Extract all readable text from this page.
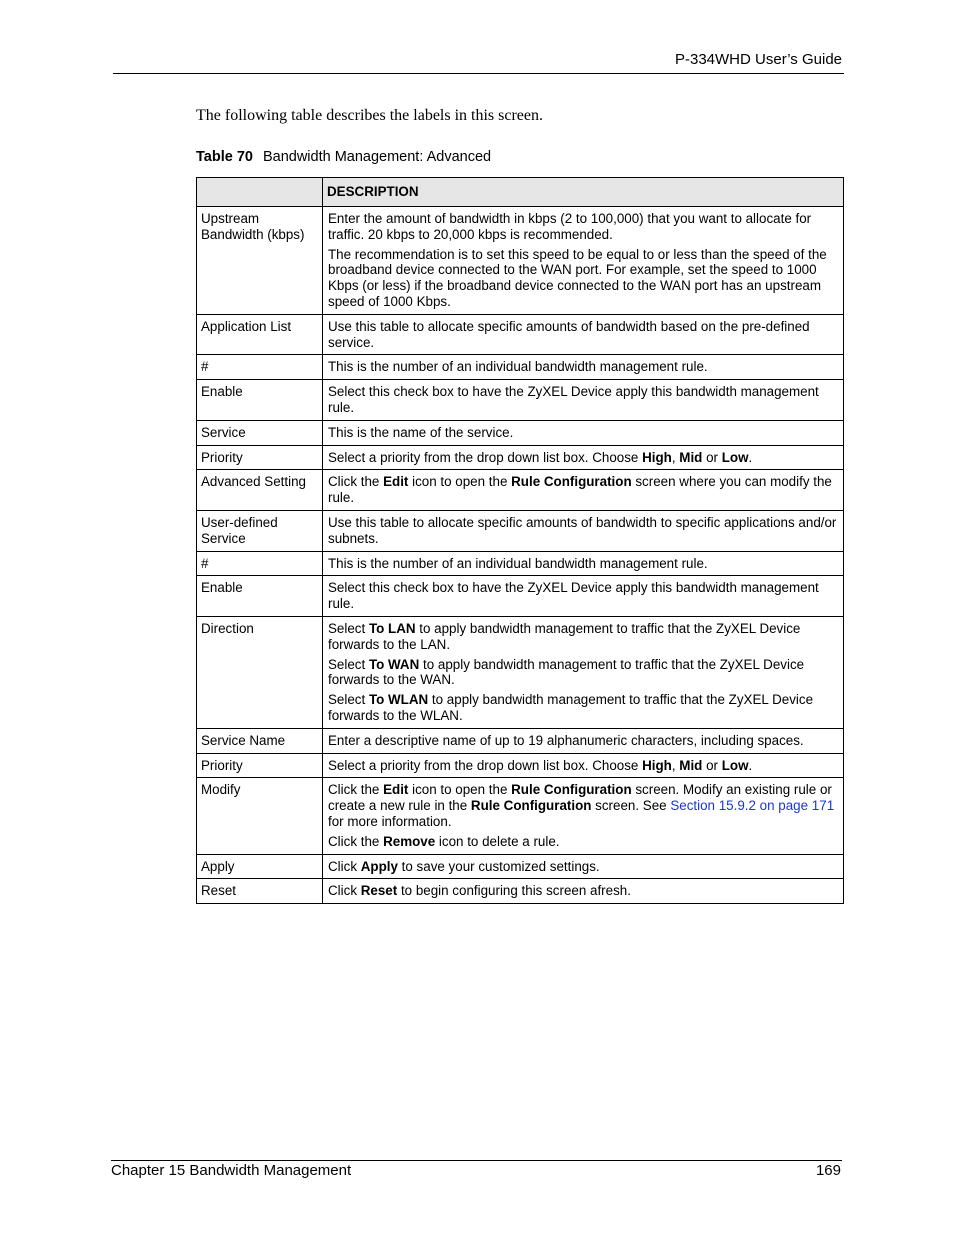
P-334WHD User’s Guide
The following table describes the labels in this screen.
Table 70 Bandwidth Management: Advanced
	DESCRIPTION
Upstream Bandwidth (kbps)	Enter the amount of bandwidth in kbps (2 to 100,000) that you want to allocate for traffic. 20 kbps to 20,000 kbps is recommended.

The recommendation is to set this speed to be equal to or less than the speed of the broadband device connected to the WAN port. For example, set the speed to 1000 Kbps (or less) if the broadband device connected to the WAN port has an upstream speed of 1000 Kbps.

Application List	Use this table to allocate specific amounts of bandwidth based on the pre-defined service.

#	This is the number of an individual bandwidth management rule.

Enable	Select this check box to have the ZyXEL Device apply this bandwidth management rule.

Service	This is the name of the service.

Priority	Select a priority from the drop down list box. Choose High, Mid or Low.

Advanced Setting	Click the Edit icon to open the Rule Configuration screen where you can modify the rule.

User-defined Service	Use this table to allocate specific amounts of bandwidth to specific applications and/or subnets.

#	This is the number of an individual bandwidth management rule.

Enable	Select this check box to have the ZyXEL Device apply this bandwidth management rule.

Direction	Select To LAN to apply bandwidth management to traffic that the ZyXEL Device forwards to the LAN.

Select To WAN to apply bandwidth management to traffic that the ZyXEL Device forwards to the WAN.

Select To WLAN to apply bandwidth management to traffic that the ZyXEL Device forwards to the WLAN.

Service Name	Enter a descriptive name of up to 19 alphanumeric characters, including spaces.

Priority	Select a priority from the drop down list box. Choose High, Mid or Low.

Modify	Click the Edit icon to open the Rule Configuration screen. Modify an existing rule or create a new rule in the Rule Configuration screen. See Section 15.9.2 on page 171 for more information.

Click the Remove icon to delete a rule.

Apply	Click Apply to save your customized settings.

Reset	Click Reset to begin configuring this screen afresh.

Chapter 15 Bandwidth Management	169
